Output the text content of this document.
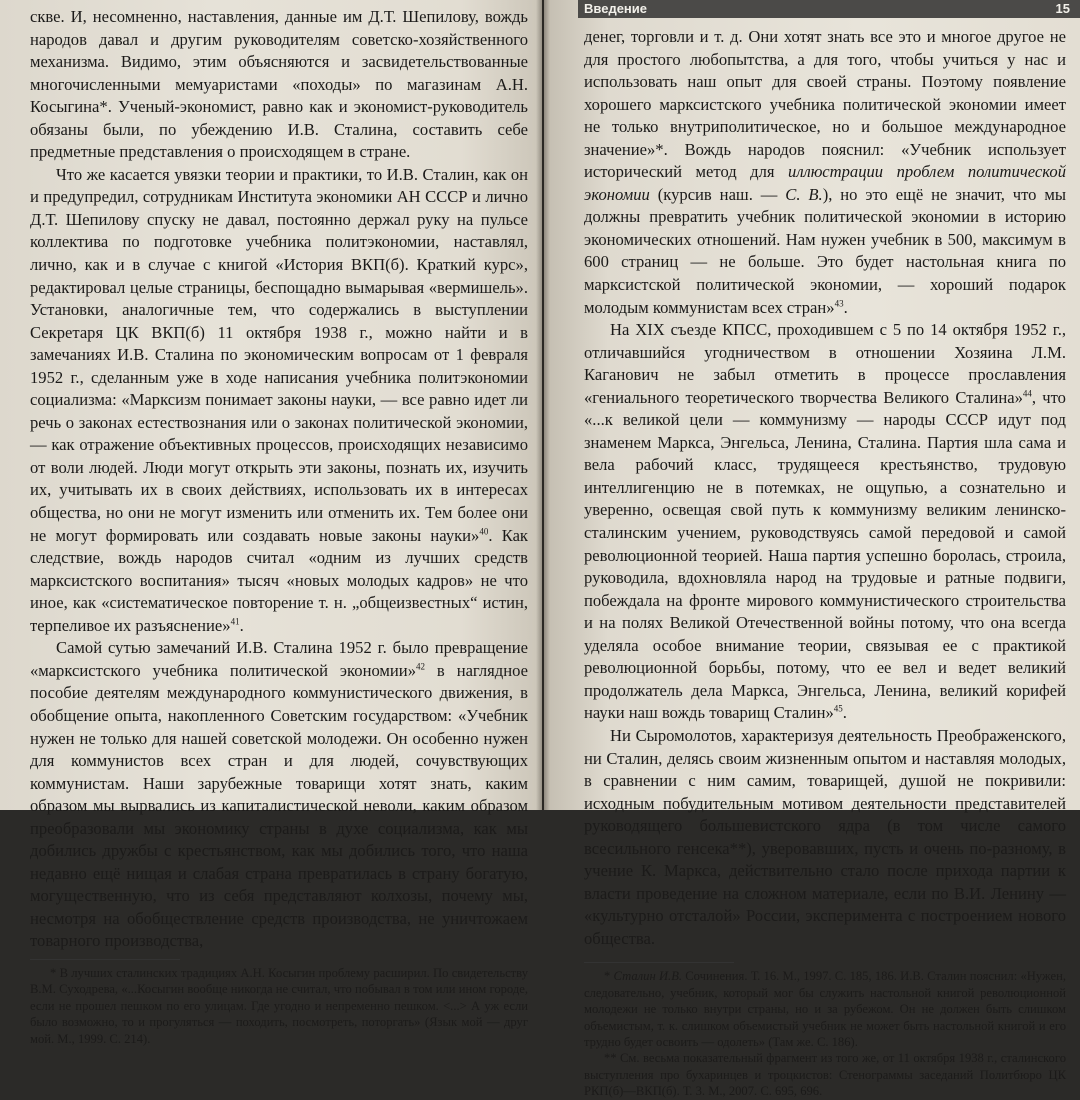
скве. И, несомненно, наставления, данные им Д.Т. Шепилову, вождь народов давал и другим руководителям советско-хозяйственного механизма. Видимо, этим объясняются и засвидетельствованные многочисленными мемуаристами «походы» по магазинам А.Н. Косыгина*. Ученый-экономист, равно как и экономист-руководитель обязаны были, по убеждению И.В. Сталина, составить себе предметные представления о происходящем в стране.

Что же касается увязки теории и практики, то И.В. Сталин, как он и предупредил, сотрудникам Института экономики АН СССР и лично Д.Т. Шепилову спуску не давал, постоянно держал руку на пульсе коллектива по подготовке учебника политэкономии, наставлял, лично, как и в случае с книгой «История ВКП(б). Краткий курс», редактировал целые страницы, беспощадно вымарывая «вермишель». Установки, аналогичные тем, что содержались в выступлении Секретаря ЦК ВКП(б) 11 октября 1938 г., можно найти и в замечаниях И.В. Сталина по экономическим вопросам от 1 февраля 1952 г., сделанным уже в ходе написания учебника политэкономии социализма: «Марксизм понимает законы науки, — все равно идет ли речь о законах естествознания или о законах политической экономии, — как отражение объективных процессов, происходящих независимо от воли людей. Люди могут открыть эти законы, познать их, изучить их, учитывать их в своих действиях, использовать их в интересах общества, но они не могут изменить или отменить их. Тем более они не могут формировать или создавать новые законы науки»$^{40}$. Как следствие, вождь народов считал «одним из лучших средств марксистского воспитания» тысяч «новых молодых кадров» не что иное, как «систематическое повторение т. н. „общеизвестных“ истин, терпеливое их разъяснение»$^{41}$.

Самой сутью замечаний И.В. Сталина 1952 г. было превращение «марксистского учебника политической экономии»$^{42}$ в наглядное пособие деятелям международного коммунистического движения, в обобщение опыта, накопленного Советским государством: «Учебник нужен не только для нашей советской молодежи. Он особенно нужен для коммунистов всех стран и для людей, сочувствующих коммунистам. Наши зарубежные товарищи хотят знать, каким образом мы вырвались из капиталистической неволи, каким образом преобразовали мы экономику страны в духе социализма, как мы добились дружбы с крестьянством, как мы добились того, что наша недавно ещё нищая и слабая страна превратилась в страну богатую, могущественную, что из себя представляют колхозы, почему мы, несмотря на обобществление средств производства, не уничтожаем товарного производства,

* В лучших сталинских традициях А.Н. Косыгин проблему расширил. По свидетельству В.М. Суходрева, «...Косыгин вообще никогда не считал, что побывал в том или ином городе, если не прошел пешком по его улицам. Где угодно и непременно пешком. <...> А уж если было возможно, то и прогуляться — походить, посмотреть, поторгать» (Язык мой — друг мой. М., 1999. С. 214).

Введение	15

денег, торговли и т. д. Они хотят знать все это и многое другое не для простого любопытства, а для того, чтобы учиться у нас и использовать наш опыт для своей страны. Поэтому появление хорошего марксистского учебника политической экономии имеет не только внутриполитическое, но и большое международное значение»*. Вождь народов пояснил: «Учебник использует исторический метод для иллюстрации проблем политической экономии (курсив наш. — С. В.), но это ещё не значит, что мы должны превратить учебник политической экономии в историю экономических отношений. Нам нужен учебник в 500, максимум в 600 страниц — не больше. Это будет настольная книга по марксистской политической экономии, — хороший подарок молодым коммунистам всех стран»$^{43}$.

На XIX съезде КПСС, проходившем с 5 по 14 октября 1952 г., отличавшийся угодничеством в отношении Хозяина Л.М. Каганович не забыл отметить в процессе прославления «гениального теоретического творчества Великого Сталина»$^{44}$, что «...к великой цели — коммунизму — народы СССР идут под знаменем Маркса, Энгельса, Ленина, Сталина. Партия шла сама и вела рабочий класс, трудящееся крестьянство, трудовую интеллигенцию не в потемках, не ощупью, а сознательно и уверенно, освещая свой путь к коммунизму великим ленинско-сталинским учением, руководствуясь самой передовой и самой революционной теорией. Наша партия успешно боролась, строила, руководила, вдохновляла народ на трудовые и ратные подвиги, побеждала на фронте мирового коммунистического строительства и на полях Великой Отечественной войны потому, что она всегда уделяла особое внимание теории, связывая ее с практикой революционной борьбы, потому, что ее вел и ведет великий продолжатель дела Маркса, Энгельса, Ленина, великий корифей науки наш вождь товарищ Сталин»$^{45}$.

Ни Сыромолотов, характеризуя деятельность Преображенского, ни Сталин, делясь своим жизненным опытом и наставляя молодых, в сравнении с ним самим, товарищей, душой не покривили: исходным побудительным мотивом деятельности представителей руководящего большевистского ядра (в том числе самого всесильного генсека**), уверовавших, пусть и очень по-разному, в учение К. Маркса, действительно стало после прихода партии к власти проведение на сложном материале, если по В.И. Ленину — «культурно отсталой» России, эксперимента с построением нового общества.

* Сталин И.В. Сочинения. Т. 16. М., 1997. С. 185, 186. И.В. Сталин пояснил: «Нужен, следовательно, учебник, который мог бы служить настольной книгой революционной молодежи не только внутри страны, но и за рубежом. Он не должен быть слишком объемистым, т. к. слишком объемистый учебник не может быть настольной книгой и его трудно будет освоить — одолеть» (Там же. С. 186).

** См. весьма показательный фрагмент из того же, от 11 октября 1938 г., сталинского выступления про бухаринцев и троцкистов: Стенограммы заседаний Политбюро ЦК РКП(б)—ВКП(б). Т. 3. М., 2007. С. 695, 696.
